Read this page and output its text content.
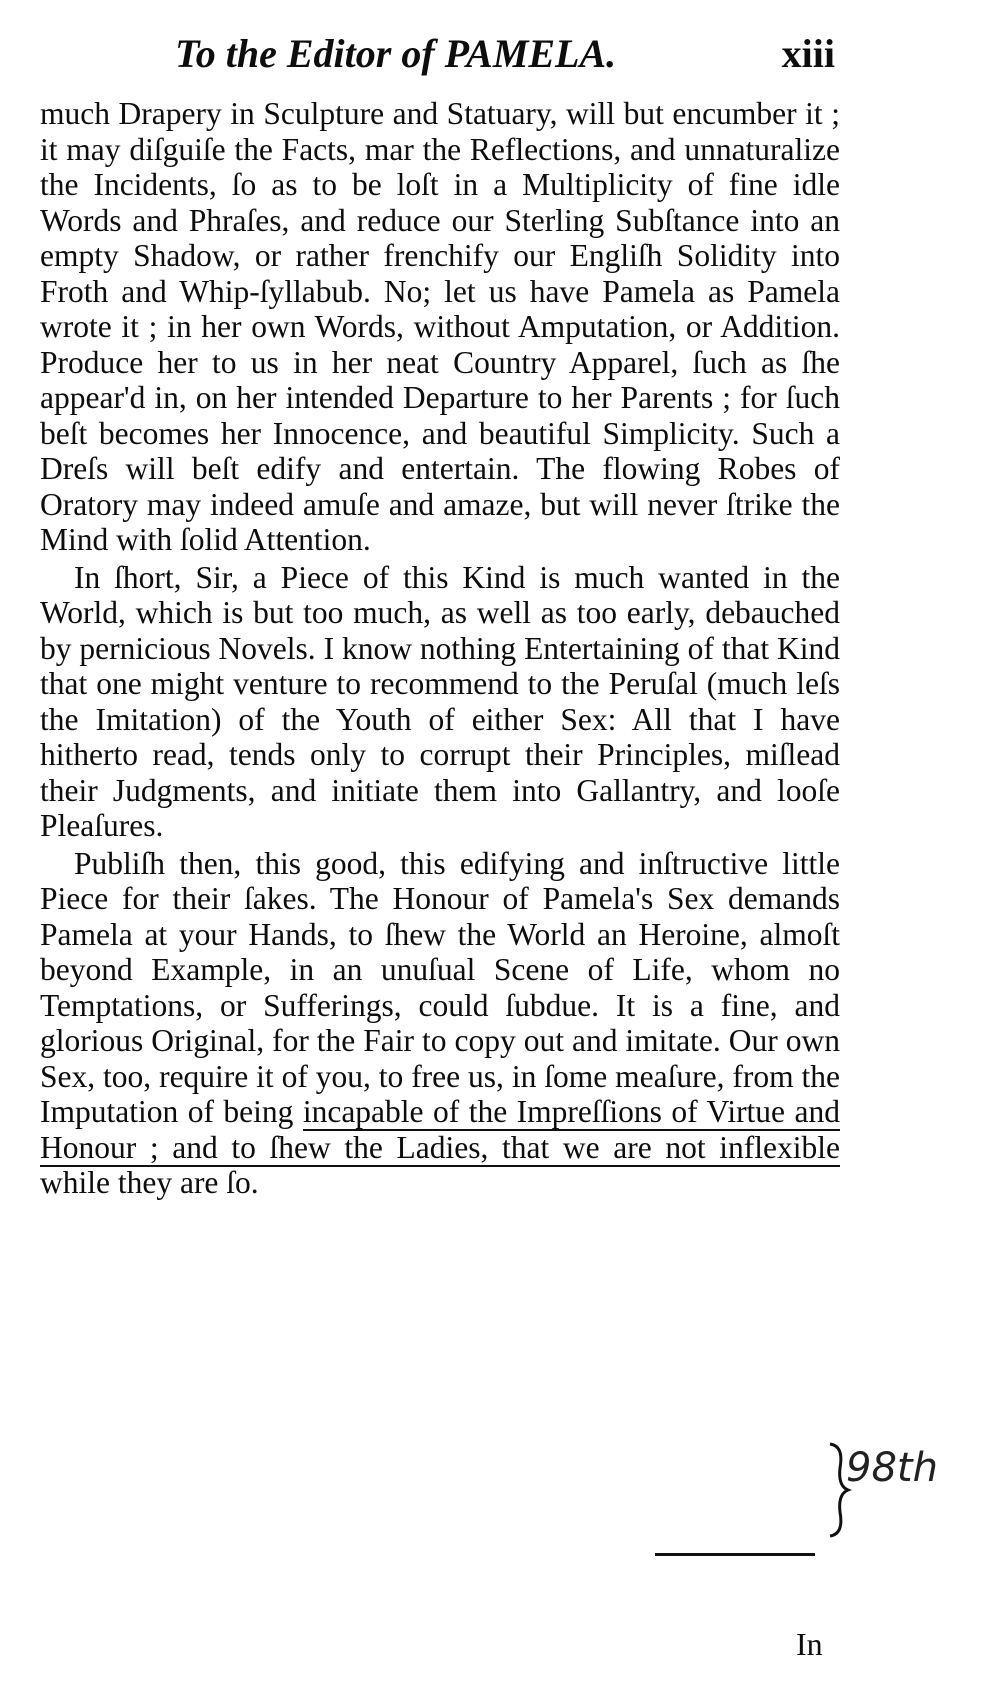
To the Editor of PAMELA.	xiii

much Drapery in Sculpture and Statuary, will but encumber it ; it may diſguiſe the Facts, mar the Reflections, and unnaturalize the Incidents, ſo as to be loſt in a Multiplicity of fine idle Words and Phraſes, and reduce our Sterling Subſtance into an empty Shadow, or rather frenchify our Engliſh Solidity into Froth and Whip-ſyllabub. No; let us have Pamela as Pamela wrote it ; in her own Words, without Amputation, or Addition. Produce her to us in her neat Country Apparel, ſuch as ſhe appear'd in, on her intended Departure to her Parents ; for ſuch beſt becomes her Innocence, and beautiful Simplicity. Such a Dreſs will beſt edify and entertain. The flowing Robes of Oratory may indeed amuſe and amaze, but will never ſtrike the Mind with ſolid Attention.

In ſhort, Sir, a Piece of this Kind is much wanted in the World, which is but too much, as well as too early, debauched by pernicious Novels. I know nothing Entertaining of that Kind that one might venture to recommend to the Peruſal (much leſs the Imitation) of the Youth of either Sex: All that I have hitherto read, tends only to corrupt their Principles, miſlead their Judgments, and initiate them into Gallantry, and looſe Pleaſures.

Publiſh then, this good, this edifying and inſtructive little Piece for their ſakes. The Honour of Pamela's Sex demands Pamela at your Hands, to ſhew the World an Heroine, almoſt beyond Example, in an unuſual Scene of Life, whom no Temptations, or Sufferings, could ſubdue. It is a fine, and glorious Original, for the Fair to copy out and imitate. Our own Sex, too, require it of you, to free us, in ſome meaſure, from the Imputation of being incapable of the Impreſſions of Virtue and Honour ; and to ſhew the Ladies, that we are not inflexible while they are ſo.

98th
In
